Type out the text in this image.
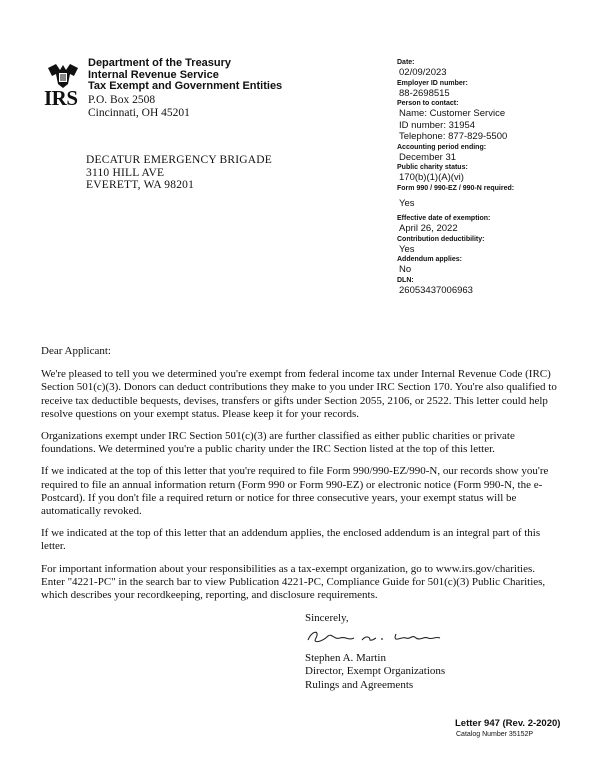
IRS
Department of the Treasury
Internal Revenue Service
Tax Exempt and Government Entities
P.O. Box 2508
Cincinnati, OH 45201
DECATUR EMERGENCY BRIGADE
3110 HILL AVE
EVERETT, WA 98201
Date:
02/09/2023
Employer ID number:
88-2698515
Person to contact:
Name: Customer Service
ID number: 31954
Telephone: 877-829-5500
Accounting period ending:
December 31
Public charity status:
170(b)(1)(A)(vi)
Form 990 / 990-EZ / 990-N required:
Yes
Effective date of exemption:
April 26, 2022
Contribution deductibility:
Yes
Addendum applies:
No
DLN:
26053437006963

Dear Applicant:

We're pleased to tell you we determined you're exempt from federal income tax under Internal Revenue Code (IRC) Section 501(c)(3). Donors can deduct contributions they make to you under IRC Section 170. You're also qualified to receive tax deductible bequests, devises, transfers or gifts under Section 2055, 2106, or 2522. This letter could help resolve questions on your exempt status. Please keep it for your records.

Organizations exempt under IRC Section 501(c)(3) are further classified as either public charities or private foundations. We determined you're a public charity under the IRC Section listed at the top of this letter.

If we indicated at the top of this letter that you're required to file Form 990/990-EZ/990-N, our records show you're required to file an annual information return (Form 990 or Form 990-EZ) or electronic notice (Form 990-N, the e-Postcard). If you don't file a required return or notice for three consecutive years, your exempt status will be automatically revoked.

If we indicated at the top of this letter that an addendum applies, the enclosed addendum is an integral part of this letter.

For important information about your responsibilities as a tax-exempt organization, go to www.irs.gov/charities. Enter "4221-PC" in the search bar to view Publication 4221-PC, Compliance Guide for 501(c)(3) Public Charities, which describes your recordkeeping, reporting, and disclosure requirements.

Sincerely,
Stephen A. Martin
Director, Exempt Organizations
Rulings and Agreements
Letter 947 (Rev. 2-2020)
Catalog Number 35152P
